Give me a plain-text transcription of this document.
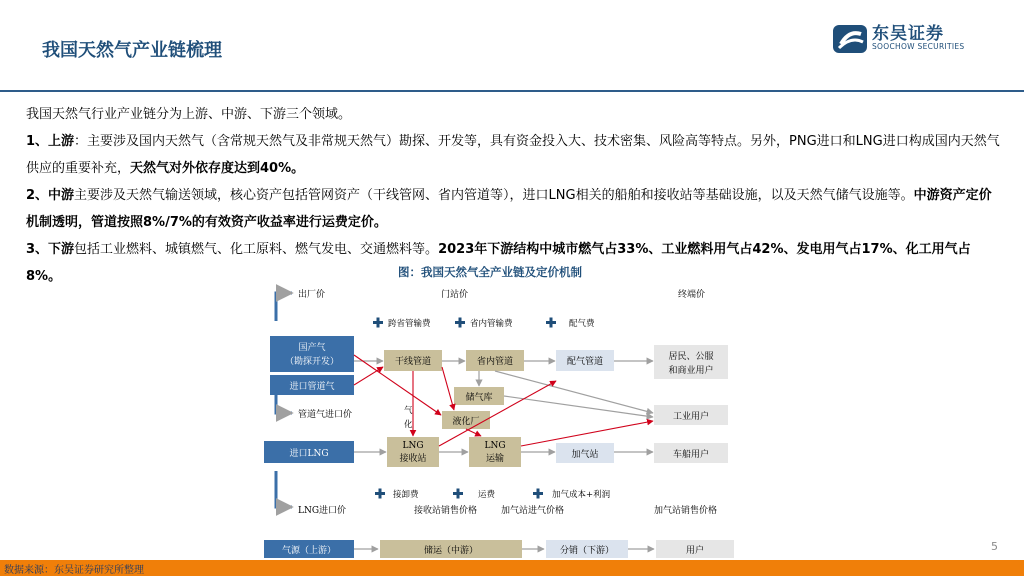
我国天然气产业链梳理
东吴证券
SOOCHOW SECURITIES

我国天然气行业产业链分为上游、中游、下游三个领域。

1、上游：主要涉及国内天然气（含常规天然气及非常规天然气）勘探、开发等，具有资金投入大、技术密集、风险高等特点。另外，PNG进口和LNG进口构成国内天然气供应的重要补充，天然气对外依存度达到40%。

2、中游主要涉及天然气输送领域，核心资产包括管网资产（干线管网、省内管道等），进口LNG相关的船舶和接收站等基础设施，以及天然气储气设施等。中游资产定价机制透明，管道按照8%/7%的有效资产收益率进行运费定价。

3、下游包括工业燃料、城镇燃气、化工原料、燃气发电、交通燃料等。2023年下游结构中城市燃气占33%、工业燃料用气占42%、发电用气占17%、化工用气占8%。	图：我国天然气全产业链及定价机制
出厂价	门站价	终端价
管道气进口价
LNG进口价	接收站销售价格	加气站进气价格	加气站销售价格
跨省管输费	省内管输费	配气费
国产气
（勘探开发）
进口管道气
进口LNG
干线管道	省内管道
储气库
液化厂
气
化
LNG
接收站
LNG
运输
配气管道
加气站
居民、公服
和商业用户
工业用户
车船用户
接卸费	运费	加气成本+利润
气源（上游）	储运（中游）	分销（下游）	用户	5
数据来源：东吴证券研究所整理
